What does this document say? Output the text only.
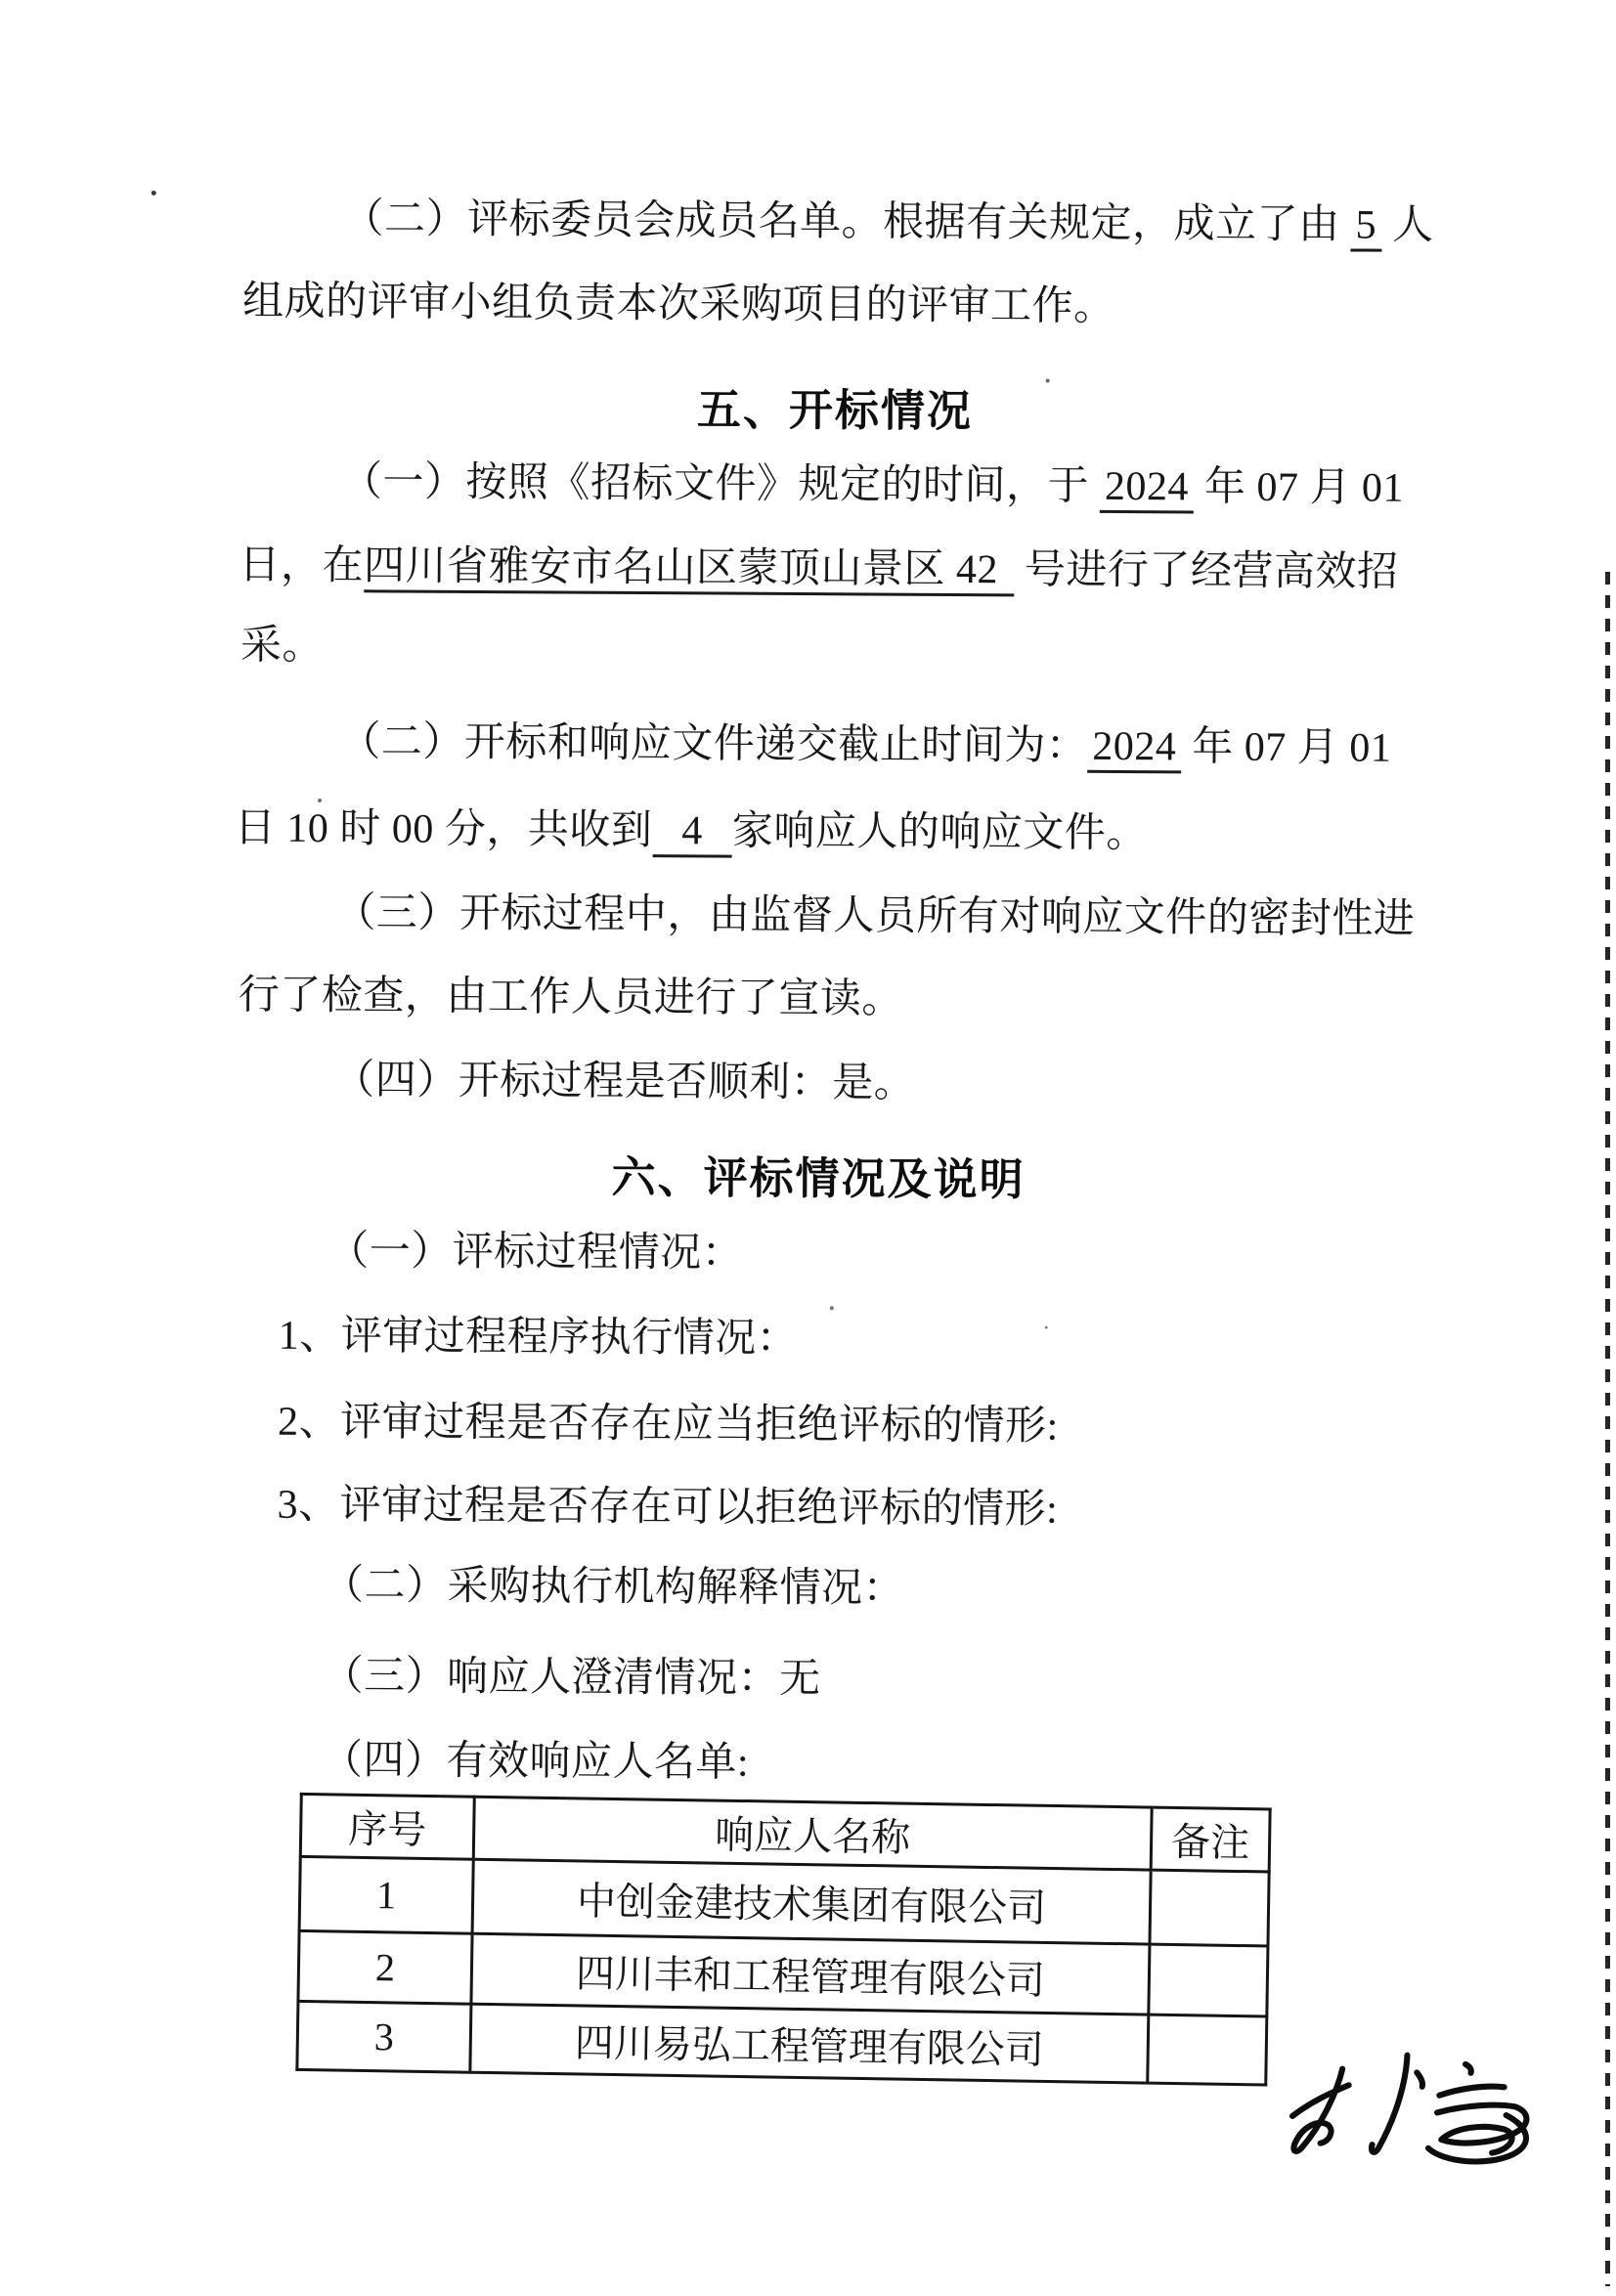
（二）评标委员会成员名单。根据有关规定，成立了由 5 人
组成的评审小组负责本次采购项目的评审工作。
五、开标情况
（一）按照《招标文件》规定的时间，于 2024 年 07 月 01
日，在四川省雅安市名山区蒙顶山景区 42 号进行了经营高效招
采。
（二）开标和响应文件递交截止时间为： 2024 年 07 月 01
日 10 时 00 分，共收到 4 家响应人的响应文件。
（三）开标过程中，由监督人员所有对响应文件的密封性进
行了检查，由工作人员进行了宣读。
（四）开标过程是否顺利：是。
六、评标情况及说明
（一）评标过程情况：
1、评审过程程序执行情况：
2、评审过程是否存在应当拒绝评标的情形:
3、评审过程是否存在可以拒绝评标的情形:
（二）采购执行机构解释情况：
（三）响应人澄清情况：无
（四）有效响应人名单:
序号	响应人名称	备注
1	中创金建技术集团有限公司	
2	四川丰和工程管理有限公司	
3	四川易弘工程管理有限公司	
